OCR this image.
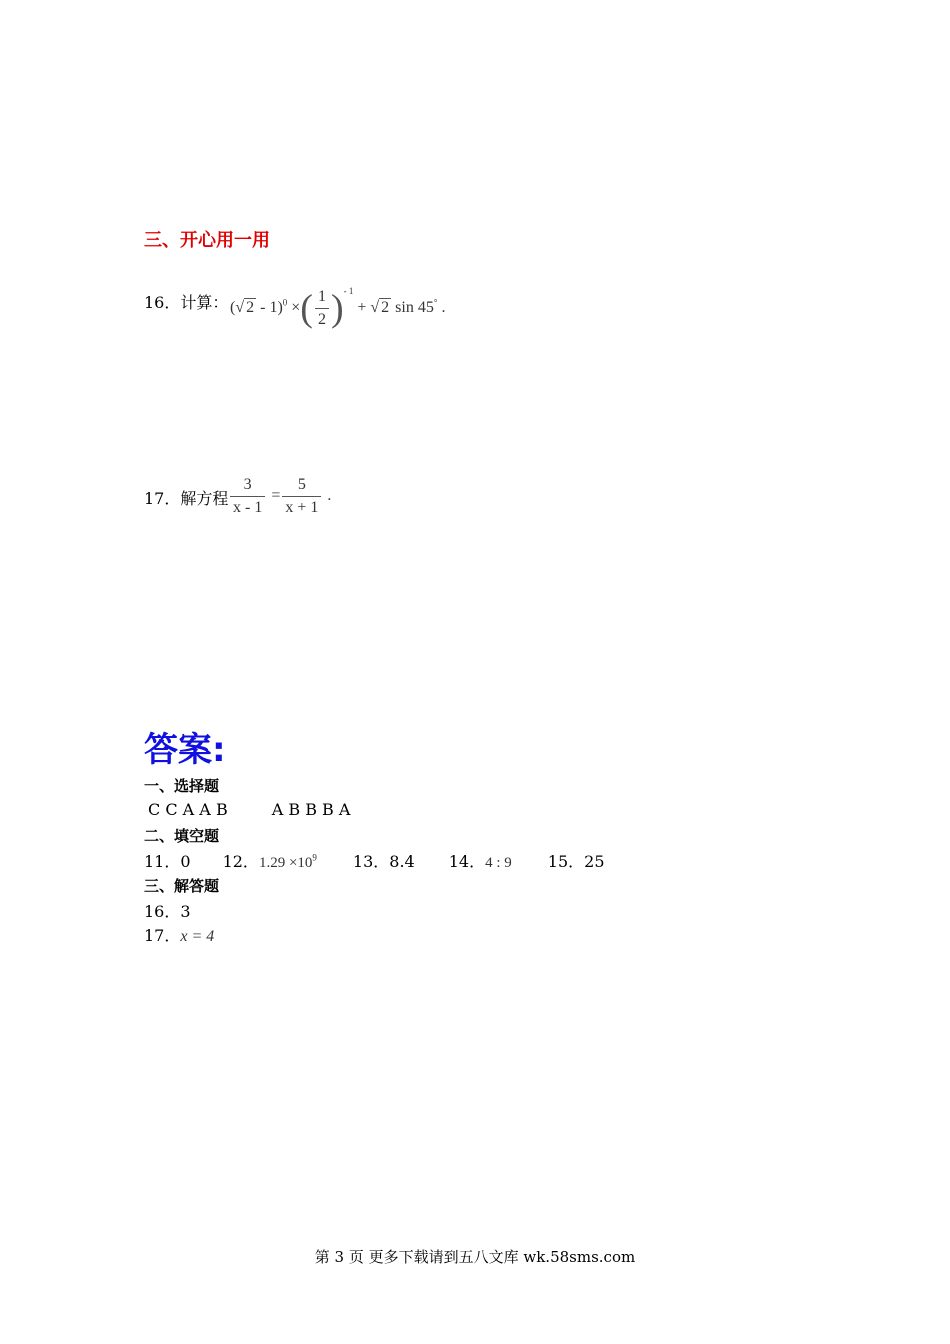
三、开心用一用
16．计算： (√ 2 - 1)$^0$ ×( $\frac{1}{2} )^{- 1}$ + √ 2 sin 45° .
17．解方程 $\frac{3}{x - 1} = \frac{5}{x + 1}$ .
答案:
一、选择题
C C A A B	A B B B A
二、填空题
11．0 12．$1.29 \times 10^9$ 13．8.4 14．4 : 9 15．25
三、解答题
16．3
17．x = 4
第 3 页 更多下载请到五八文库 wk.58sms.com
